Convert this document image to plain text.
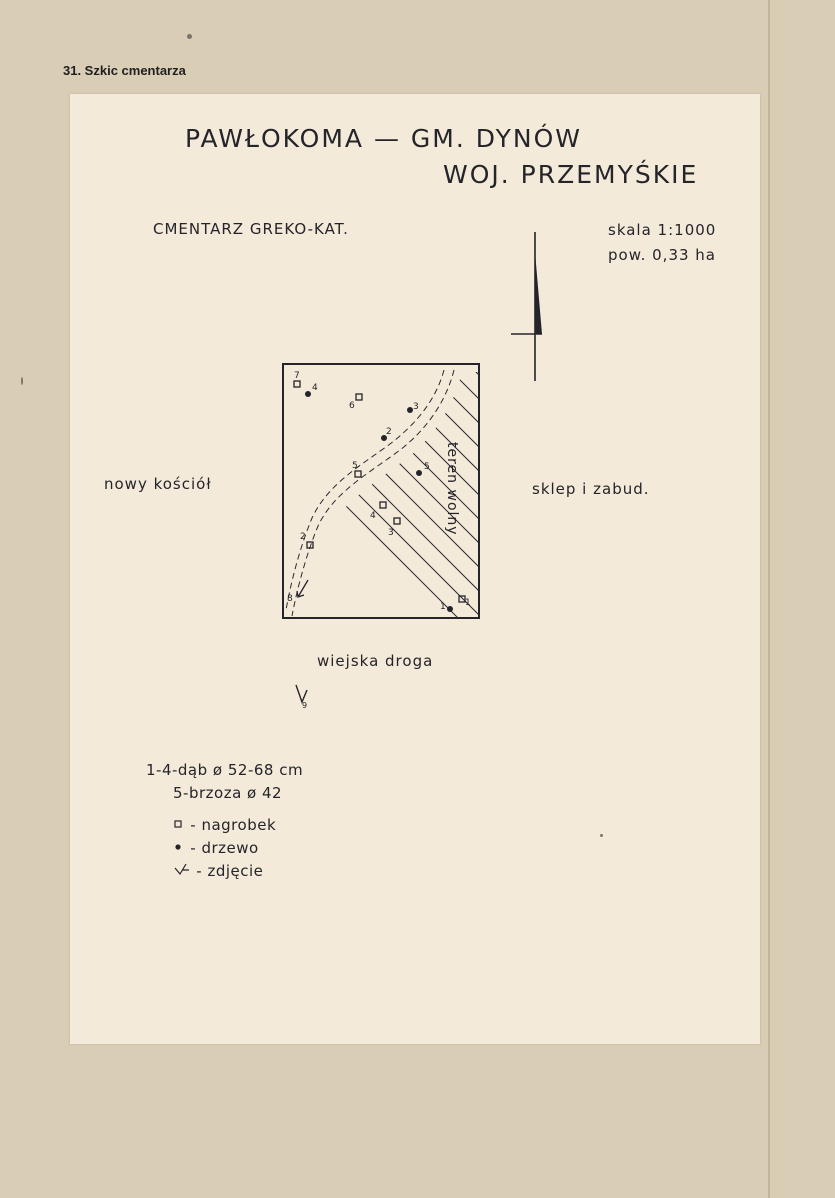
31. Szkic cmentarza
PAWŁOKOMA — GM. DYNÓW
WOJ. PRZEMYŚKIE
CMENTARZ GREKO-KAT.	skala 1:1000
pow. 0,33 ha
teren wolny
7
6
5
4
3
2
1
4
3
2
5
1
8
9
nowy kościół	sklep i zabud.
wiejska droga
1-4-dąb ø 52-68 cm
5-brzoza ø 42
- nagrobek
- drzewo
- zdjęcie
